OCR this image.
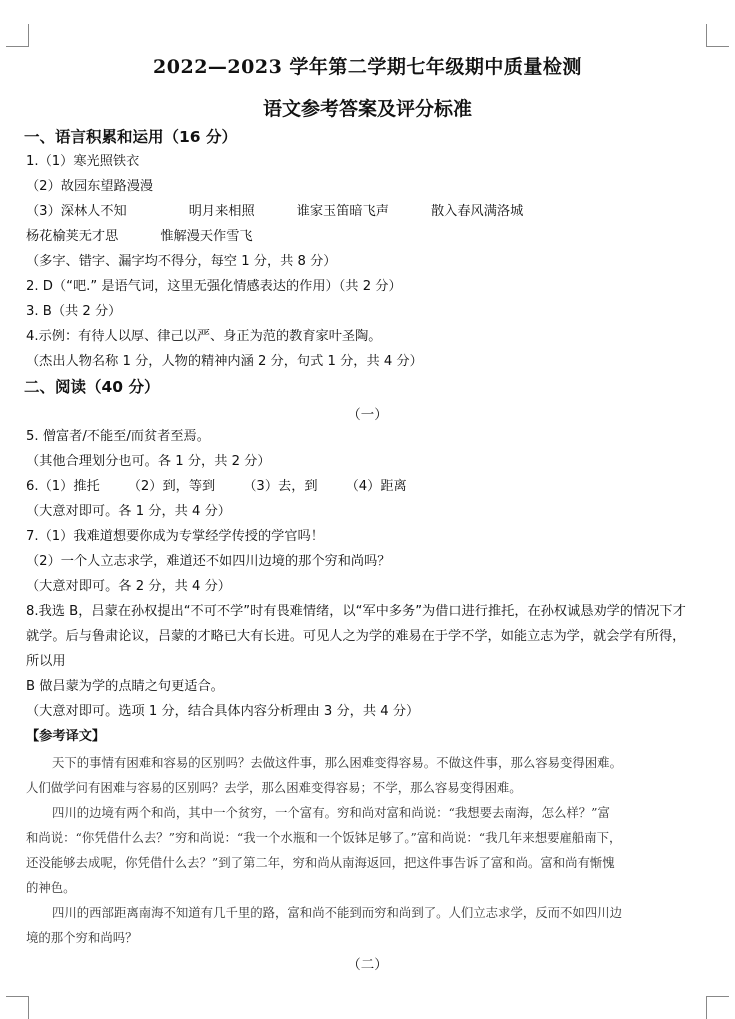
2022—2023 学年第二学期七年级期中质量检测
语文参考答案及评分标准
一、语言积累和运用（16 分）
1.（1）寒光照铁衣
（2）故园东望路漫漫
（3）深林人不知	明月来相照	谁家玉笛暗飞声	散入春风满洛城
杨花榆荚无才思	惟解漫天作雪飞
（多字、错字、漏字均不得分，每空 1 分，共 8 分）
2. D（“吧.” 是语气词，这里无强化情感表达的作用）（共 2 分）
3. B（共 2 分）
4.示例：有待人以厚、律己以严、身正为范的教育家叶圣陶。
（杰出人物名称 1 分，人物的精神内涵 2 分，句式 1 分，共 4 分）
二、阅读（40 分）
（一）
5. 僧富者/不能至/而贫者至焉。
（其他合理划分也可。各 1 分，共 2 分）
6.（1）推托 （2）到，等到 （3）去，到 （4）距离
（大意对即可。各 1 分，共 4 分）
7.（1）我难道想要你成为专掌经学传授的学官吗！
（2）一个人立志求学，难道还不如四川边境的那个穷和尚吗？
（大意对即可。各 2 分，共 4 分）
8.我选 B，吕蒙在孙权提出“不可不学”时有畏难情绪，以“军中多务”为借口进行推托，在孙权诚恳劝学的情况下才就学。后与鲁肃论议，吕蒙的才略已大有长进。可见人之为学的难易在于学不学，如能立志为学，就会学有所得，所以用
B 做吕蒙为学的点睛之句更适合。
（大意对即可。选项 1 分，结合具体内容分析理由 3 分，共 4 分）
【参考译文】
天下的事情有困难和容易的区别吗？去做这件事，那么困难变得容易。不做这件事，那么容易变得困难。
人们做学问有困难与容易的区别吗？去学，那么困难变得容易；不学，那么容易变得困难。
四川的边境有两个和尚，其中一个贫穷，一个富有。穷和尚对富和尚说：“我想要去南海，怎么样？”富
和尚说：“你凭借什么去？”穷和尚说：“我一个水瓶和一个饭钵足够了。”富和尚说：“我几年来想要雇船南下，
还没能够去成呢，你凭借什么去？”到了第二年，穷和尚从南海返回，把这件事告诉了富和尚。富和尚有惭愧
的神色。
四川的西部距离南海不知道有几千里的路，富和尚不能到而穷和尚到了。人们立志求学，反而不如四川边
境的那个穷和尚吗？
（二）
